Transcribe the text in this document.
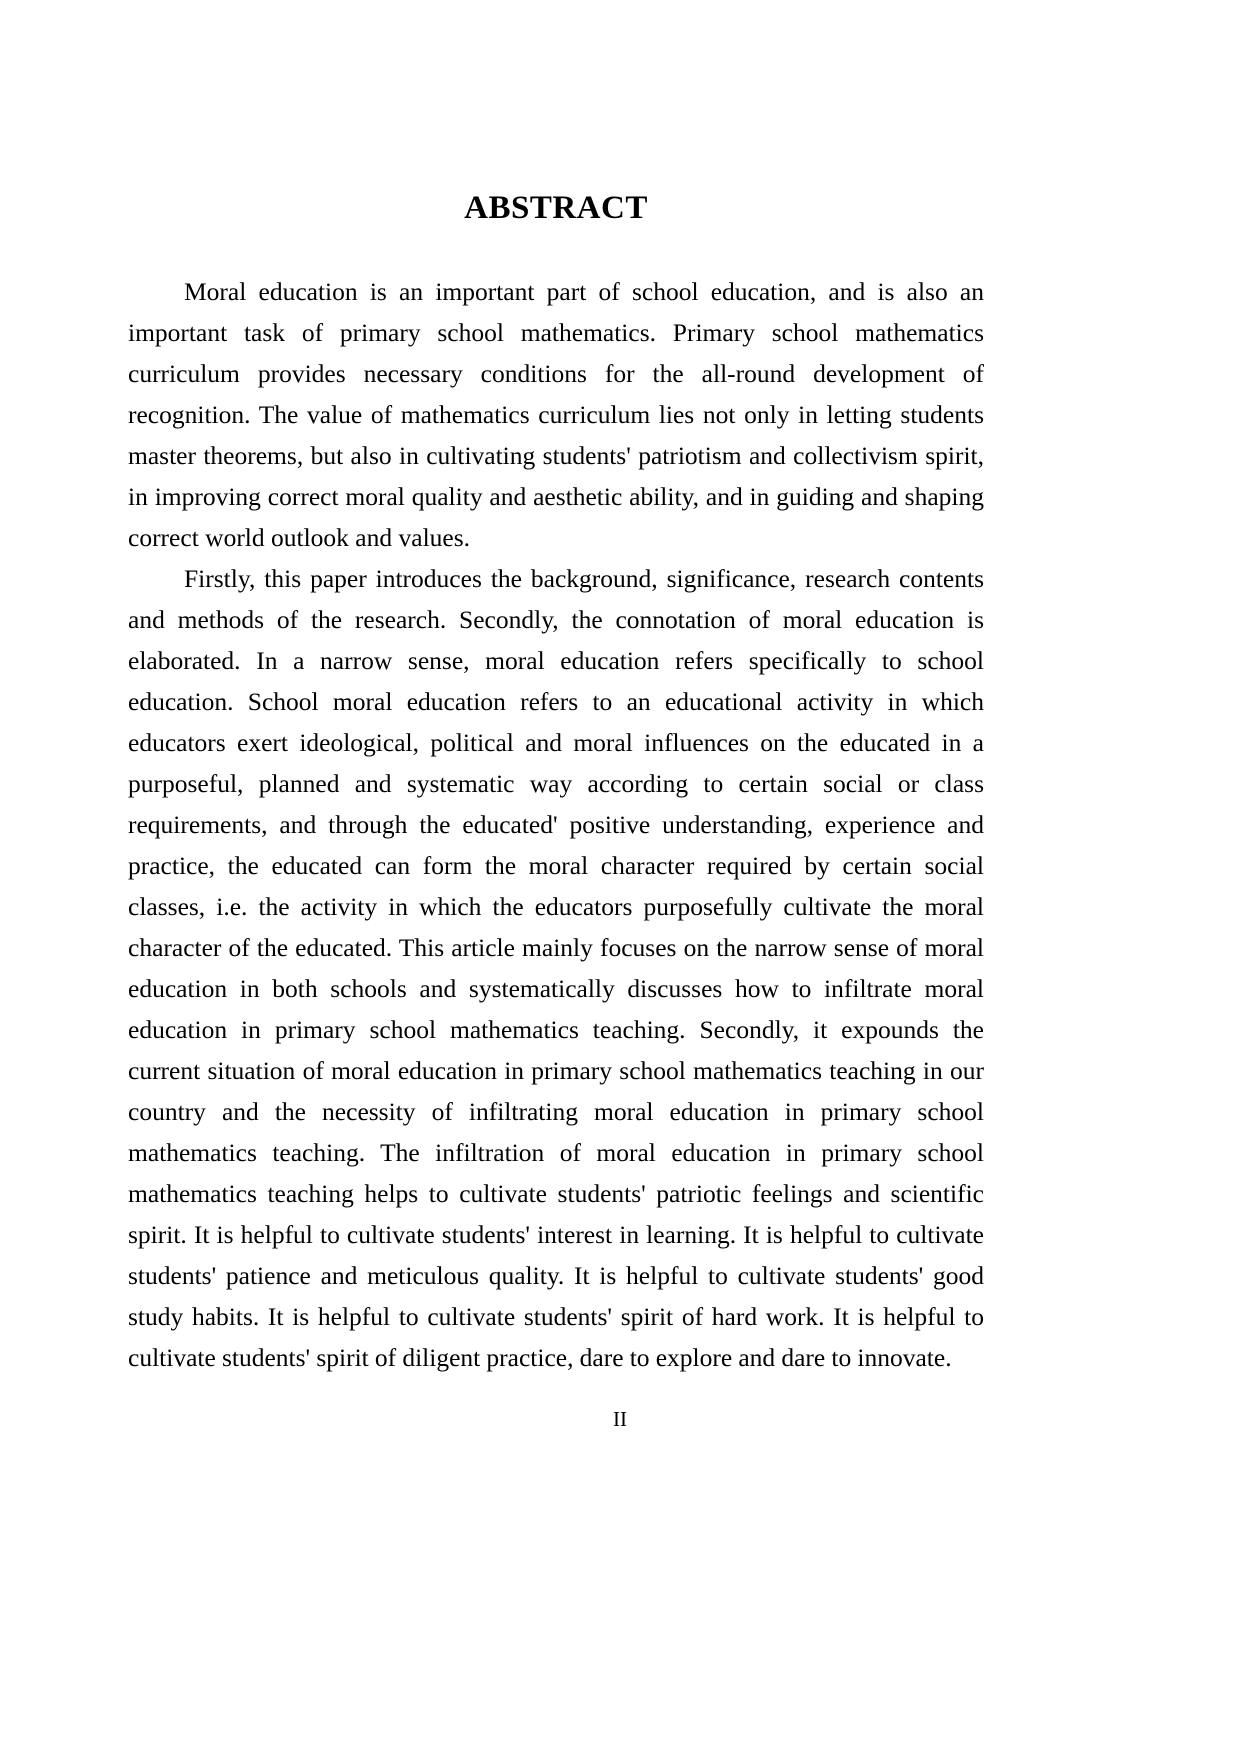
ABSTRACT

Moral education is an important part of school education, and is also an important task of primary school mathematics. Primary school mathematics curriculum provides necessary conditions for the all-round development of recognition. The value of mathematics curriculum lies not only in letting students master theorems, but also in cultivating students' patriotism and collectivism spirit, in improving correct moral quality and aesthetic ability, and in guiding and shaping correct world outlook and values.

Firstly, this paper introduces the background, significance, research contents and methods of the research. Secondly, the connotation of moral education is elaborated. In a narrow sense, moral education refers specifically to school education. School moral education refers to an educational activity in which educators exert ideological, political and moral influences on the educated in a purposeful, planned and systematic way according to certain social or class requirements, and through the educated' positive understanding, experience and practice, the educated can form the moral character required by certain social classes, i.e. the activity in which the educators purposefully cultivate the moral character of the educated. This article mainly focuses on the narrow sense of moral education in both schools and systematically discusses how to infiltrate moral education in primary school mathematics teaching. Secondly, it expounds the current situation of moral education in primary school mathematics teaching in our country and the necessity of infiltrating moral education in primary school mathematics teaching. The infiltration of moral education in primary school mathematics teaching helps to cultivate students' patriotic feelings and scientific spirit. It is helpful to cultivate students' interest in learning. It is helpful to cultivate students' patience and meticulous quality. It is helpful to cultivate students' good study habits. It is helpful to cultivate students' spirit of hard work. It is helpful to cultivate students' spirit of diligent practice, dare to explore and dare to innovate.

II
